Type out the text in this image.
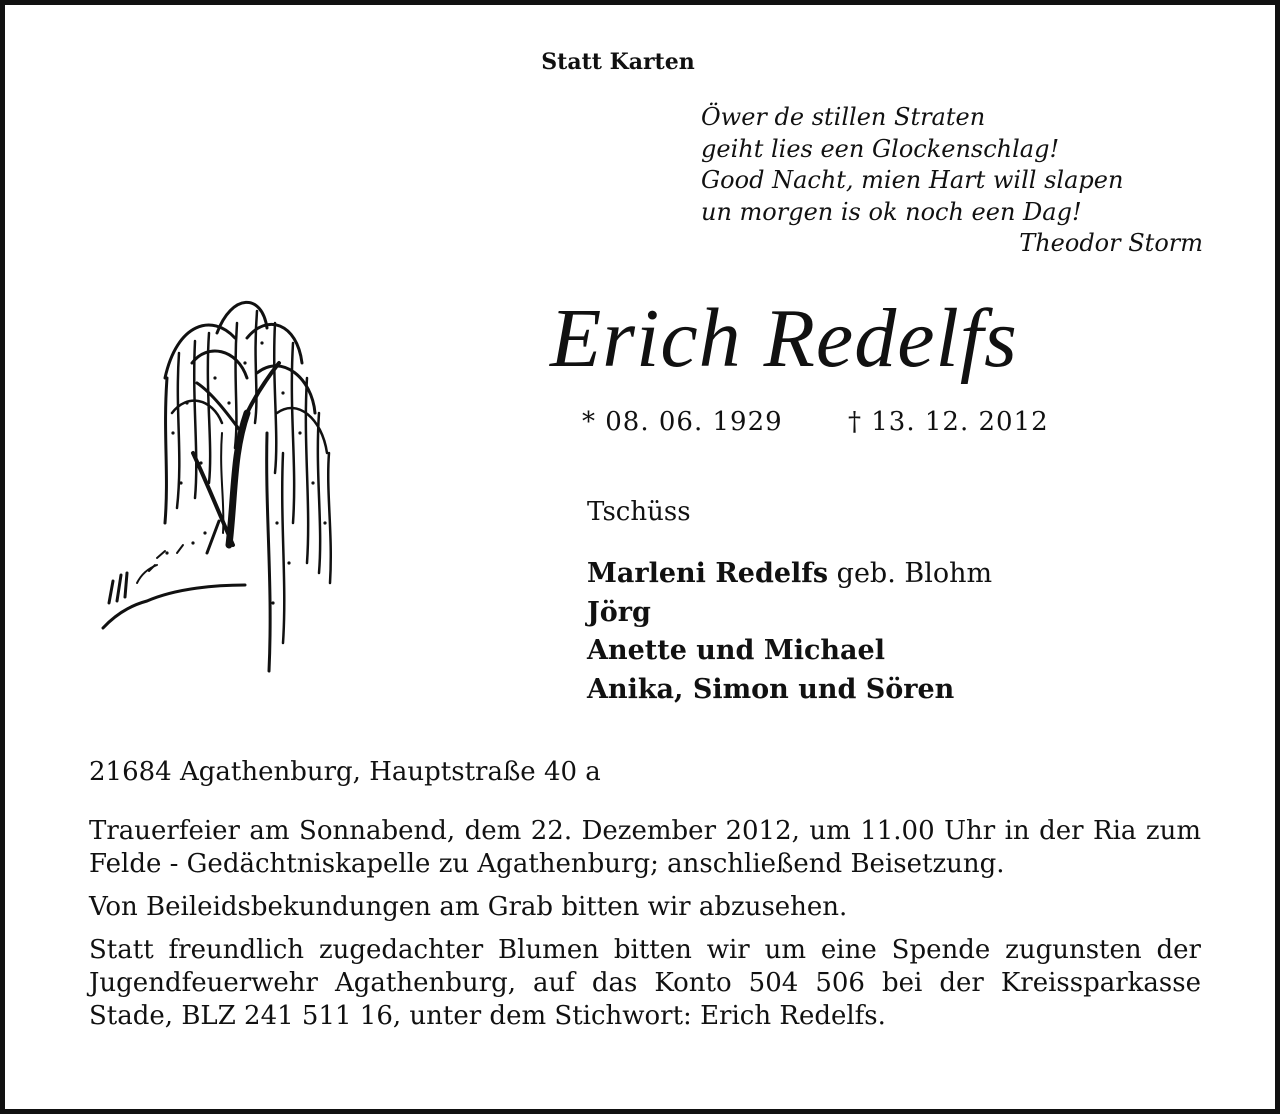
Statt Karten
Öwer de stillen Straten
geiht lies een Glockenschlag!
Good Nacht, mien Hart will slapen
un morgen is ok noch een Dag!
Theodor Storm
Erich Redelfs
* 08. 06. 1929	† 13. 12. 2012
Tschüss
Marleni Redelfs geb. Blohm
Jörg
Anette und Michael
Anika, Simon und Sören
21684 Agathenburg, Hauptstraße 40 a

Trauerfeier am Sonnabend, dem 22. Dezember 2012, um 11.00 Uhr in der Ria zum Felde - Gedächtniskapelle zu Agathenburg; anschließend Beisetzung.

Von Beileidsbekundungen am Grab bitten wir abzusehen.

Statt freundlich zugedachter Blumen bitten wir um eine Spende zugunsten der Jugendfeuerwehr Agathenburg, auf das Konto 504 506 bei der Kreissparkasse Stade, BLZ 241 511 16, unter dem Stichwort: Erich Redelfs.
